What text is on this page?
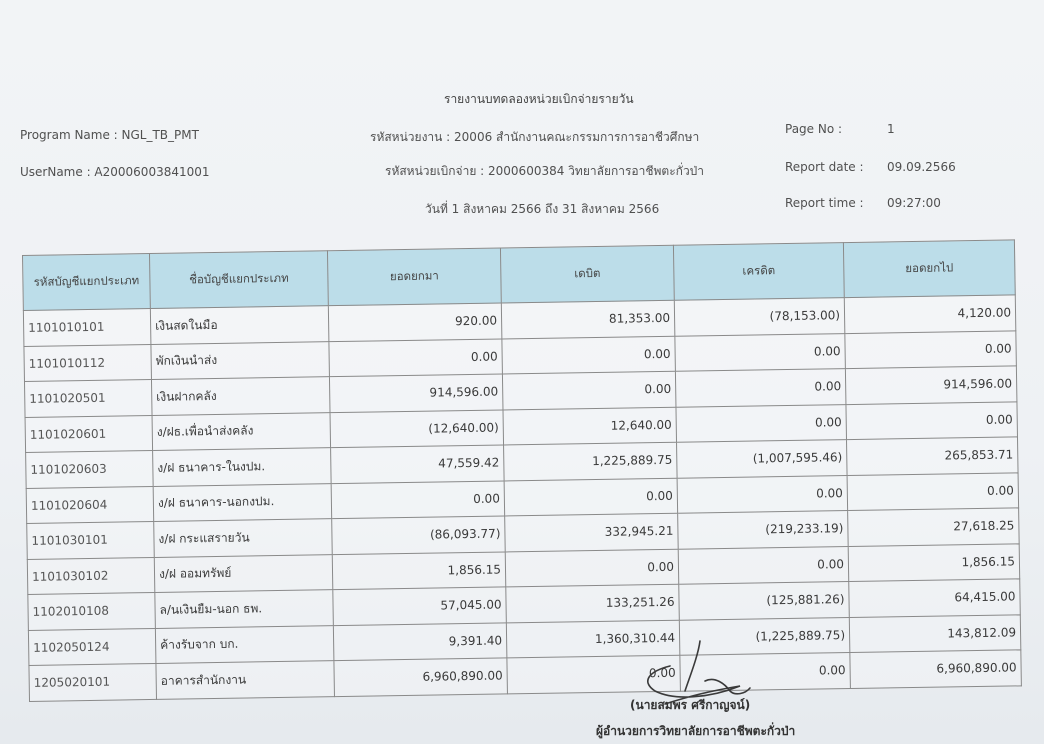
รายงานบทดลองหน่วยเบิกจ่ายรายวัน
Program Name : NGL_TB_PMT
UserName : A20006003841001
รหัสหน่วยงาน : 20006 สำนักงานคณะกรรมการการอาชีวศึกษา
รหัสหน่วยเบิกจ่าย : 2000600384 วิทยาลัยการอาชีพตะกั่วป่า
วันที่ 1 สิงหาคม 2566 ถึง 31 สิงหาคม 2566
Page No :	1
Report date : 09.09.2566
Report time : 09:27:00
รหัสบัญชีแยกประเภท	ชื่อบัญชีแยกประเภท	ยอดยกมา	เดบิต	เครดิต	ยอดยกไป
1101010101	เงินสดในมือ	920.00	81,353.00	(78,153.00)	4,120.00
1101010112	พักเงินนำส่ง	0.00	0.00	0.00	0.00
1101020501	เงินฝากคลัง	914,596.00	0.00	0.00	914,596.00
1101020601	ง/ฝธ.เพื่อนำส่งคลัง	(12,640.00)	12,640.00	0.00	0.00
1101020603	ง/ฝ ธนาคาร-ในงปม.	47,559.42	1,225,889.75	(1,007,595.46)	265,853.71
1101020604	ง/ฝ ธนาคาร-นอกงปม.	0.00	0.00	0.00	0.00
1101030101	ง/ฝ กระแสรายวัน	(86,093.77)	332,945.21	(219,233.19)	27,618.25
1101030102	ง/ฝ ออมทรัพย์	1,856.15	0.00	0.00	1,856.15
1102010108	ล/นเงินยืม-นอก ธพ.	57,045.00	133,251.26	(125,881.26)	64,415.00
1102050124	ค้างรับจาก บก.	9,391.40	1,360,310.44	(1,225,889.75)	143,812.09
1205020101	อาคารสำนักงาน	6,960,890.00	0.00	0.00	6,960,890.00
(นายสมพร ศรีกาญจน์)
ผู้อำนวยการวิทยาลัยการอาชีพตะกั่วป่า
